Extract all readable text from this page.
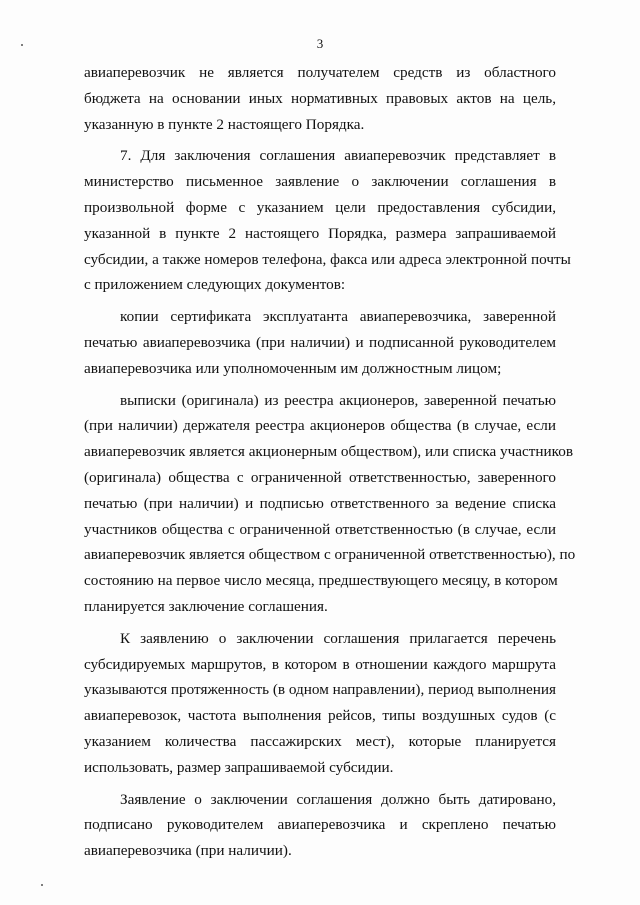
3
авиаперевозчик не является получателем средств из областного
бюджета на основании иных нормативных правовых актов на цель,
указанную в пункте 2 настоящего Порядка.
7. Для заключения соглашения авиаперевозчик представляет в
министерство письменное заявление о заключении соглашения в
произвольной форме с указанием цели предоставления субсидии,
указанной в пункте 2 настоящего Порядка, размера запрашиваемой
субсидии, а также номеров телефона, факса или адреса электронной почты
с приложением следующих документов:
копии сертификата эксплуатанта авиаперевозчика, заверенной
печатью авиаперевозчика (при наличии) и подписанной руководителем
авиаперевозчика или уполномоченным им должностным лицом;
выписки (оригинала) из реестра акционеров, заверенной печатью
(при наличии) держателя реестра акционеров общества (в случае, если
авиаперевозчик является акционерным обществом), или списка участников
(оригинала) общества с ограниченной ответственностью, заверенного
печатью (при наличии) и подписью ответственного за ведение списка
участников общества с ограниченной ответственностью (в случае, если
авиаперевозчик является обществом с ограниченной ответственностью), по
состоянию на первое число месяца, предшествующего месяцу, в котором
планируется заключение соглашения.
К заявлению о заключении соглашения прилагается перечень
субсидируемых маршрутов, в котором в отношении каждого маршрута
указываются протяженность (в одном направлении), период выполнения
авиаперевозок, частота выполнения рейсов, типы воздушных судов (с
указанием количества пассажирских мест), которые планируется
использовать, размер запрашиваемой субсидии.
Заявление о заключении соглашения должно быть датировано,
подписано руководителем авиаперевозчика и скреплено печатью
авиаперевозчика (при наличии).
